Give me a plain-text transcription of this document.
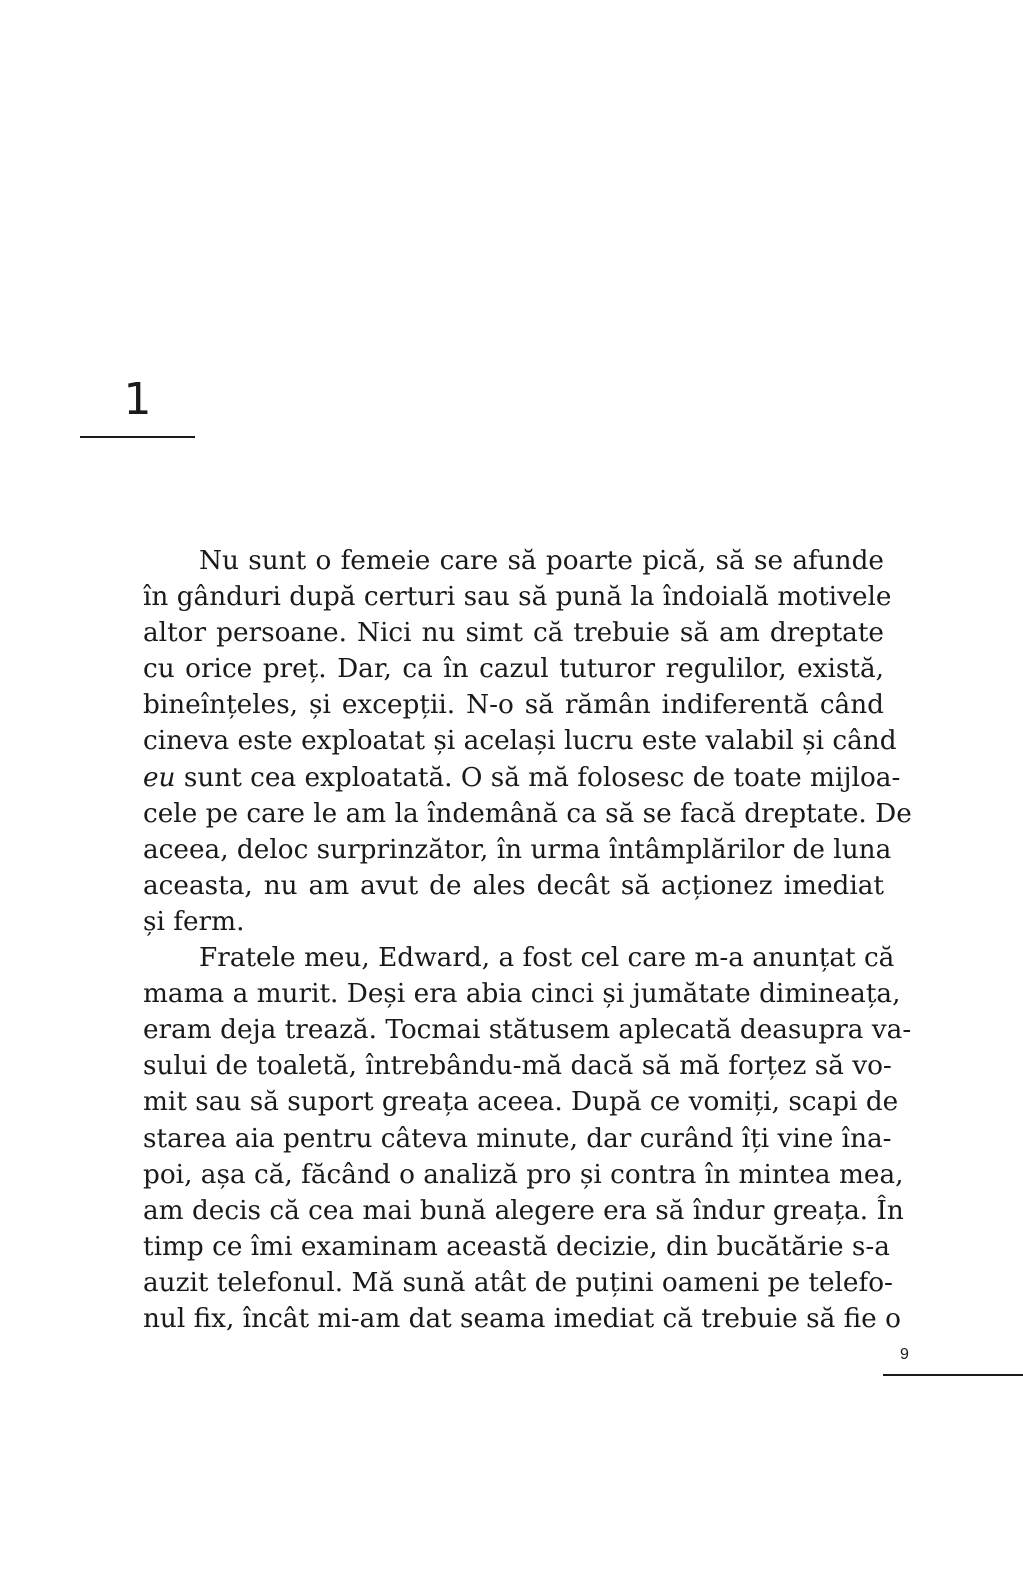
1
Nu sunt o femeie care să poarte pică, să se afunde
în gânduri după certuri sau să pună la îndoială motivele
altor persoane. Nici nu simt că trebuie să am dreptate
cu orice preț. Dar, ca în cazul tuturor regulilor, există,
bineînțeles, și excepții. N-o să rămân indiferentă când
cineva este exploatat și același lucru este valabil și când
eu sunt cea exploatată. O să mă folosesc de toate mijloa-
cele pe care le am la îndemână ca să se facă dreptate. De
aceea, deloc surprinzător, în urma întâmplărilor de luna
aceasta, nu am avut de ales decât să acționez imediat
și ferm.
Fratele meu, Edward, a fost cel care m-a anunțat că
mama a murit. Deși era abia cinci și jumătate dimineața,
eram deja trează. Tocmai stătusem aplecată deasupra va-
sului de toaletă, întrebându-mă dacă să mă forțez să vo-
mit sau să suport greața aceea. După ce vomiți, scapi de
starea aia pentru câteva minute, dar curând îți vine îna-
poi, așa că, făcând o analiză pro și contra în mintea mea,
am decis că cea mai bună alegere era să îndur greața. În
timp ce îmi examinam această decizie, din bucătărie s-a
auzit telefonul. Mă sună atât de puțini oameni pe telefo-
nul fix, încât mi-am dat seama imediat că trebuie să fie o
9
